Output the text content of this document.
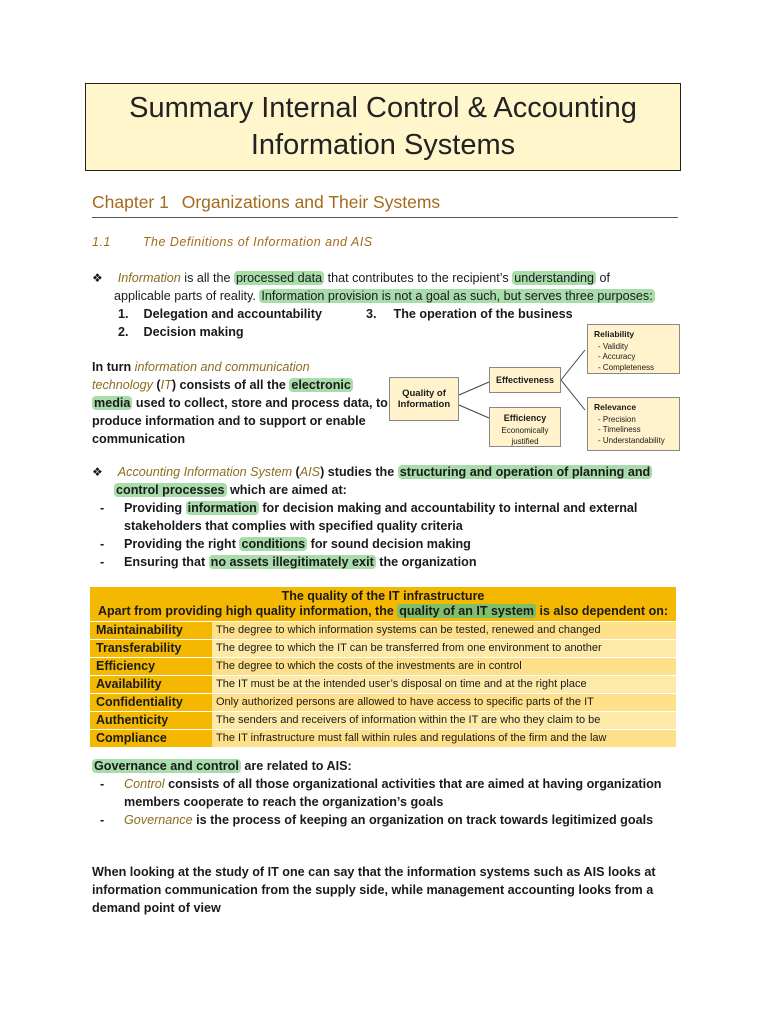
Summary Internal Control & Accounting
Information Systems
Chapter 1 Organizations and Their Systems
1.1	The Definitions of Information and AIS
❖ Information is all the processed data that contributes to the recipient’s understanding of
applicable parts of reality. Information provision is not a goal as such, but serves three purposes:
1. Delegation and accountability	3. The operation of the business
2. Decision making
In turn information and communication
technology (IT) consists of all the electronic
media used to collect, store and process data, to
produce information and to support or enable
communication
Quality of Information
Effectiveness
Efficiency
Economically justified
Reliability
- Validity
- Accuracy
- Completeness
Relevance
- Precision
- Timeliness
- Understandability
❖ Accounting Information System (AIS) studies the structuring and operation of planning and
control processes which are aimed at:
- Providing information for decision making and accountability to internal and external
stakeholders that complies with specified quality criteria
- Providing the right conditions for sound decision making
- Ensuring that no assets illegitimately exit the organization
The quality of the IT infrastructure
Apart from providing high quality information, the quality of an IT system is also dependent on:
Maintainability	The degree to which information systems can be tested, renewed and changed
Transferability	The degree to which the IT can be transferred from one environment to another
Efficiency	The degree to which the costs of the investments are in control
Availability	The IT must be at the intended user’s disposal on time and at the right place
Confidentiality	Only authorized persons are allowed to have access to specific parts of the IT
Authenticity	The senders and receivers of information within the IT are who they claim to be
Compliance	The IT infrastructure must fall within rules and regulations of the firm and the law
Governance and control are related to AIS:
- Control consists of all those organizational activities that are aimed at having organization
members cooperate to reach the organization’s goals
- Governance is the process of keeping an organization on track towards legitimized goals
When looking at the study of IT one can say that the information systems such as AIS looks at
information communication from the supply side, while management accounting looks from a
demand point of view
